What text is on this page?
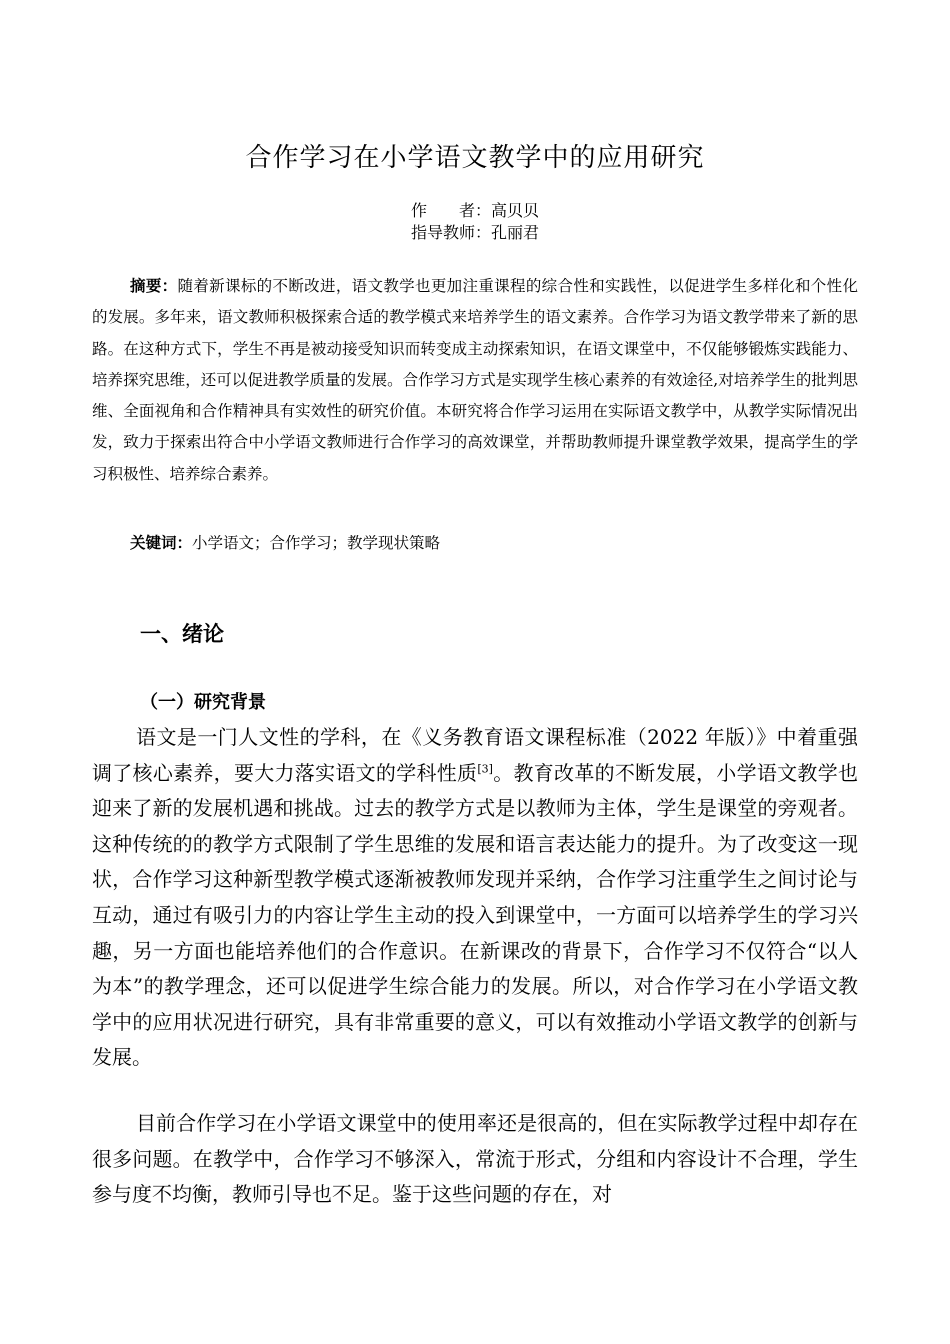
合作学习在小学语文教学中的应用研究
作　　者：高贝贝
指导教师：孔丽君

摘要：随着新课标的不断改进，语文教学也更加注重课程的综合性和实践性，以促进学生多样化和个性化的发展。多年来，语文教师积极探索合适的教学模式来培养学生的语文素养。合作学习为语文教学带来了新的思路。在这种方式下，学生不再是被动接受知识而转变成主动探索知识，在语文课堂中，不仅能够锻炼实践能力、培养探究思维，还可以促进教学质量的发展。合作学习方式是实现学生核心素养的有效途径,对培养学生的批判思维、全面视角和合作精神具有实效性的研究价值。本研究将合作学习运用在实际语文教学中，从教学实际情况出发，致力于探索出符合中小学语文教师进行合作学习的高效课堂，并帮助教师提升课堂教学效果，提高学生的学习积极性、培养综合素养。

关键词：小学语文；合作学习；教学现状策略

一、绪论
（一）研究背景

语文是一门人文性的学科，在《义务教育语文课程标准（2022 年版）》中着重强调了核心素养，要大力落实语文的学科性质[3]。教育改革的不断发展，小学语文教学也迎来了新的发展机遇和挑战。过去的教学方式是以教师为主体，学生是课堂的旁观者。这种传统的的教学方式限制了学生思维的发展和语言表达能力的提升。为了改变这一现状，合作学习这种新型教学模式逐渐被教师发现并采纳，合作学习注重学生之间讨论与互动，通过有吸引力的内容让学生主动的投入到课堂中，一方面可以培养学生的学习兴趣，另一方面也能培养他们的合作意识。在新课改的背景下，合作学习不仅符合“以人为本”的教学理念，还可以促进学生综合能力的发展。所以，对合作学习在小学语文教学中的应用状况进行研究，具有非常重要的意义，可以有效推动小学语文教学的创新与发展。

目前合作学习在小学语文课堂中的使用率还是很高的，但在实际教学过程中却存在很多问题。在教学中，合作学习不够深入，常流于形式，分组和内容设计不合理，学生参与度不均衡，教师引导也不足。鉴于这些问题的存在，对
